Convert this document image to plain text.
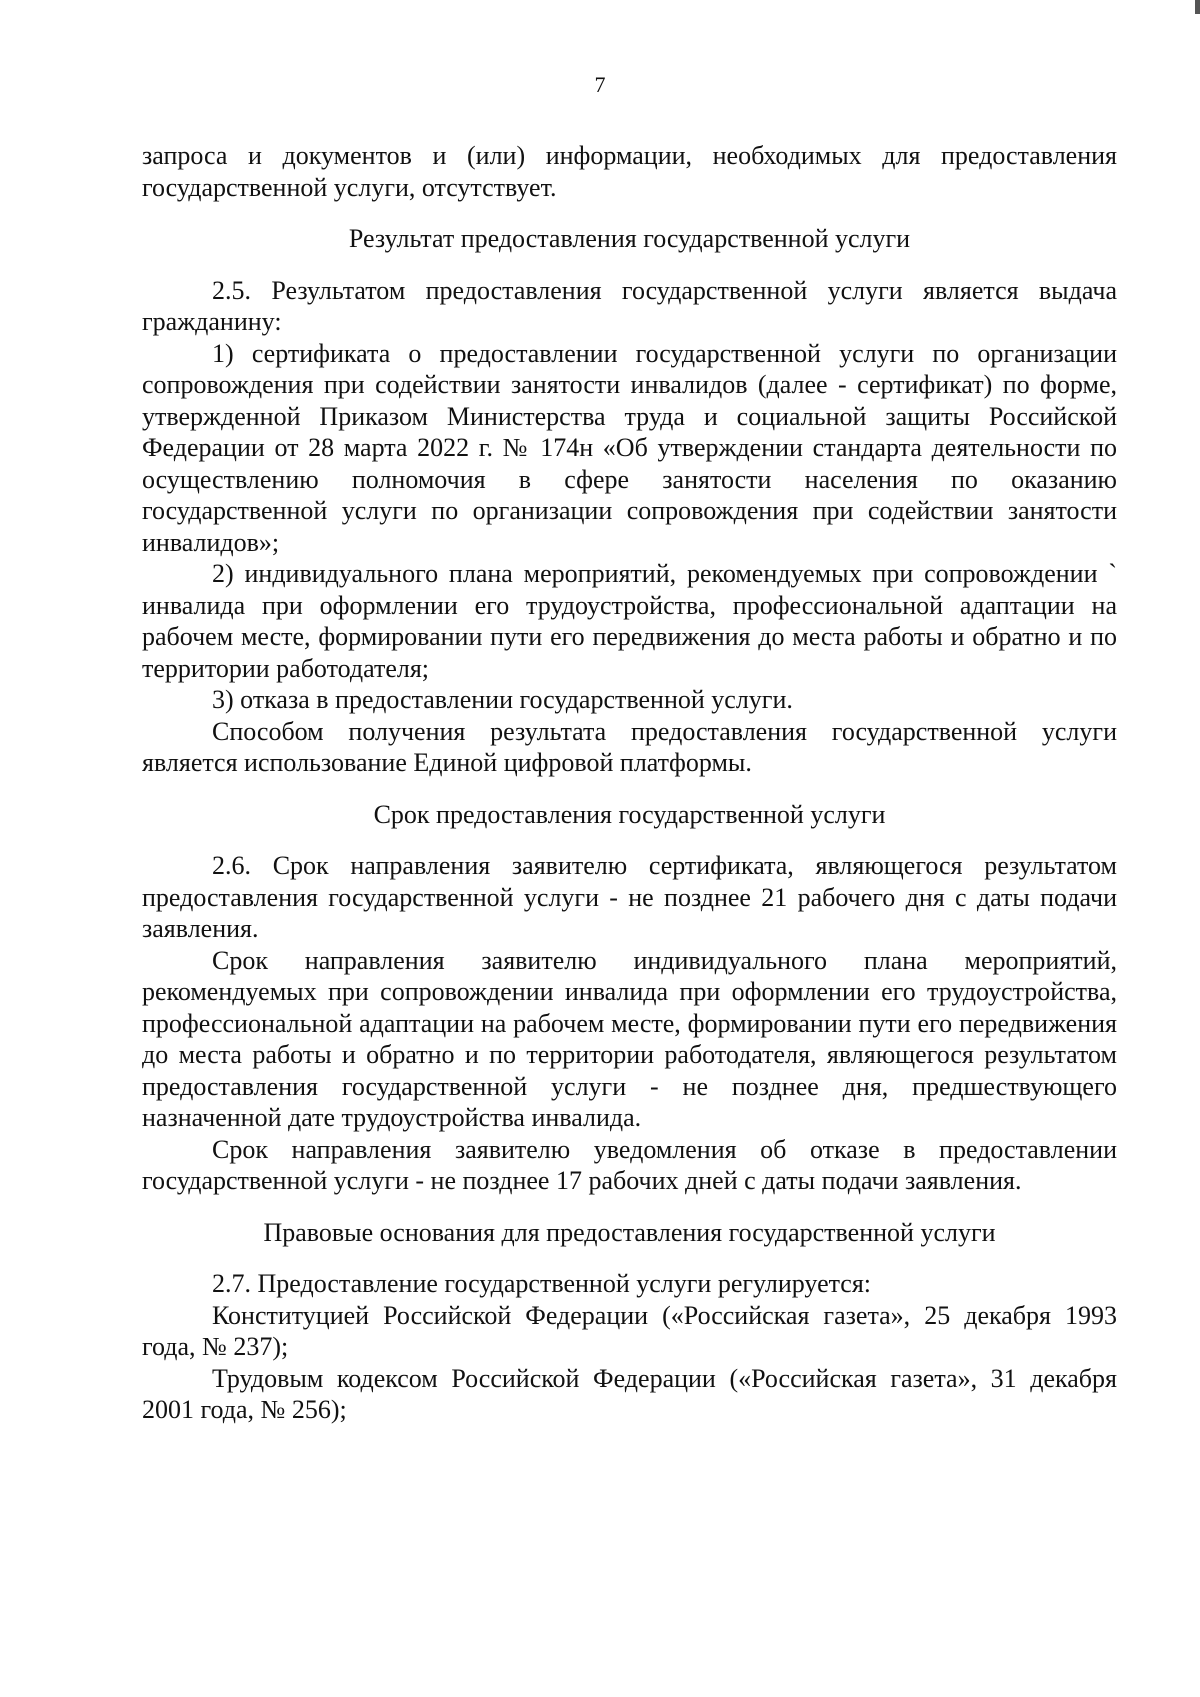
7

запроса и документов и (или) информации, необходимых для предоставления государственной услуги, отсутствует.

Результат предоставления государственной услуги

2.5. Результатом предоставления государственной услуги является выдача гражданину:

1) сертификата о предоставлении государственной услуги по организации сопровождения при содействии занятости инвалидов (далее - сертификат) по форме, утвержденной Приказом Министерства труда и социальной защиты Российской Федерации от 28 марта 2022 г. № 174н «Об утверждении стандарта деятельности по осуществлению полномочия в сфере занятости населения по оказанию государственной услуги по организации сопровождения при содействии занятости инвалидов»;

2) индивидуального плана мероприятий, рекомендуемых при сопровождении ` инвалида при оформлении его трудоустройства, профессиональной адаптации на рабочем месте, формировании пути его передвижения до места работы и обратно и по территории работодателя;

3) отказа в предоставлении государственной услуги.

Способом получения результата предоставления государственной услуги является использование Единой цифровой платформы.

Срок предоставления государственной услуги

2.6. Срок направления заявителю сертификата, являющегося результатом предоставления государственной услуги - не позднее 21 рабочего дня с даты подачи заявления.

Срок направления заявителю индивидуального плана мероприятий, рекомендуемых при сопровождении инвалида при оформлении его трудоустройства, профессиональной адаптации на рабочем месте, формировании пути его передвижения до места работы и обратно и по территории работодателя, являющегося результатом предоставления государственной услуги - не позднее дня, предшествующего назначенной дате трудоустройства инвалида.

Срок направления заявителю уведомления об отказе в предоставлении государственной услуги - не позднее 17 рабочих дней с даты подачи заявления.

Правовые основания для предоставления государственной услуги

2.7. Предоставление государственной услуги регулируется:

Конституцией Российской Федерации («Российская газета», 25 декабря 1993 года, № 237);

Трудовым кодексом Российской Федерации («Российская газета», 31 декабря 2001 года, № 256);
